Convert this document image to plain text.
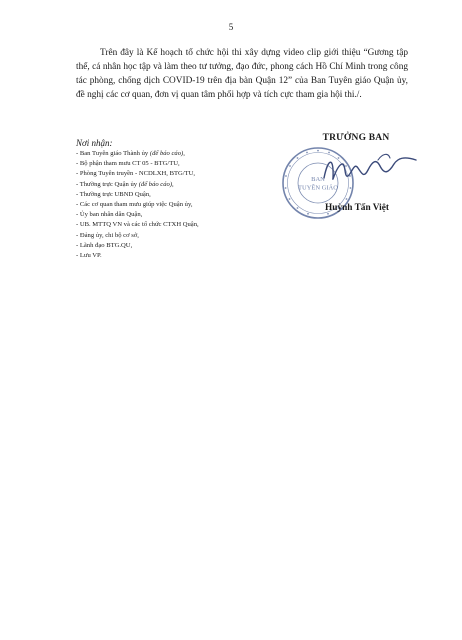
5

Trên đây là Kế hoạch tổ chức hội thi xây dựng video clip giới thiệu “Gương tập thể, cá nhân học tập và làm theo tư tưởng, đạo đức, phong cách Hồ Chí Minh trong công tác phòng, chống dịch COVID-19 trên địa bàn Quận 12” của Ban Tuyên giáo Quận ủy, đề nghị các cơ quan, đơn vị quan tâm phối hợp và tích cực tham gia hội thi./.

Nơi nhận:
- Ban Tuyên giáo Thành ủy (để báo cáo),
- Bộ phận tham mưu CT 05 - BTG/TU,
- Phòng Tuyên truyền - NCDLXH, BTG/TU,
- Thường trực Quận ủy (để báo cáo),
- Thường trực UBND Quận,
- Các cơ quan tham mưu giúp việc Quận ủy,
- Ủy ban nhân dân Quận,
- UB. MTTQ VN và các tổ chức CTXH Quận,
- Đảng ủy, chi bộ cơ sở,
- Lãnh đạo BTG.QU,
- Lưu VP.
TRƯỞNG BAN
BAN
TUYÊN GIÁO
Huỳnh Tấn Việt
